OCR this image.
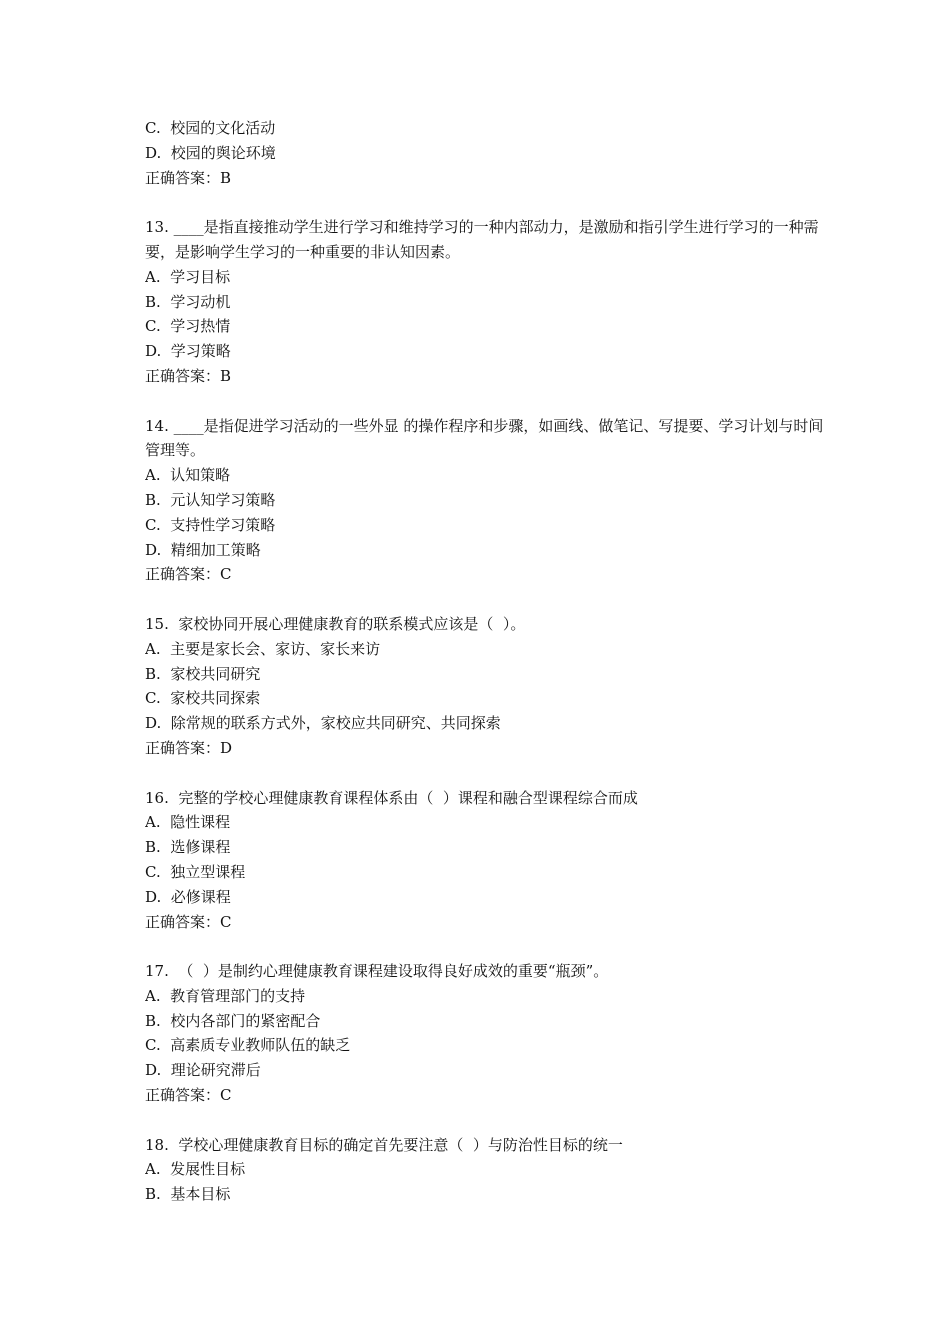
C.  校园的文化活动
D.  校园的舆论环境
正确答案：B
13. ____是指直接推动学生进行学习和维持学习的一种内部动力，是激励和指引学生进行学习的一种需要，是影响学生学习的一种重要的非认知因素。
A.  学习目标
B.  学习动机
C.  学习热情
D.  学习策略
正确答案：B
14. ____是指促进学习活动的一些外显 的操作程序和步骤，如画线、做笔记、写提要、学习计划与时间管理等。
A.  认知策略
B.  元认知学习策略
C.  支持性学习策略
D.  精细加工策略
正确答案：C
15.  家校协同开展心理健康教育的联系模式应该是（  ）。
A.  主要是家长会、家访、家长来访
B.  家校共同研究
C.  家校共同探索
D.  除常规的联系方式外，家校应共同研究、共同探索
正确答案：D
16.  完整的学校心理健康教育课程体系由（  ）课程和融合型课程综合而成
A.  隐性课程
B.  选修课程
C.  独立型课程
D.  必修课程
正确答案：C
17.  （  ）是制约心理健康教育课程建设取得良好成效的重要“瓶颈”。
A.  教育管理部门的支持
B.  校内各部门的紧密配合
C.  高素质专业教师队伍的缺乏
D.  理论研究滞后
正确答案：C
18.  学校心理健康教育目标的确定首先要注意（  ）与防治性目标的统一
A.  发展性目标
B.  基本目标
